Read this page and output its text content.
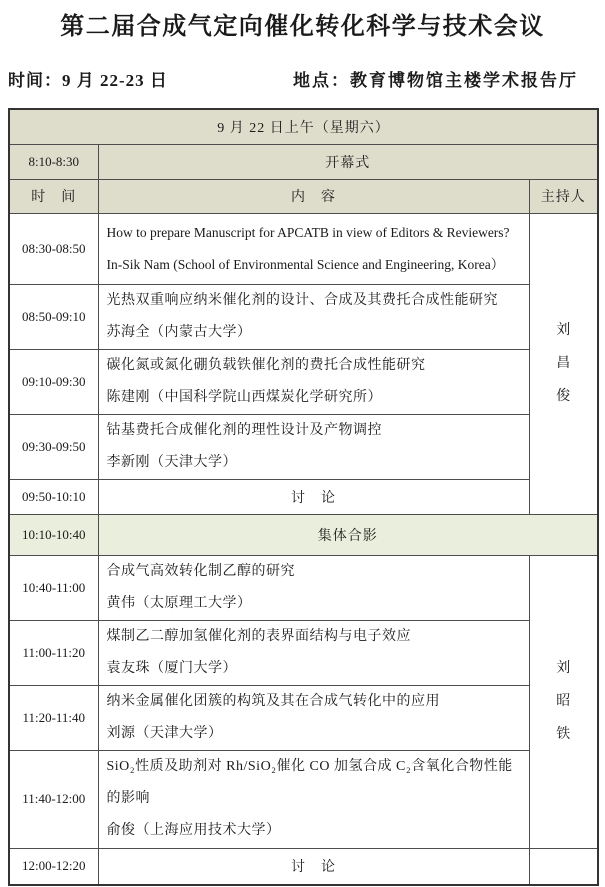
第二届合成气定向催化转化科学与技术会议
时间：9 月 22-23 日	地点：教育博物馆主楼学术报告厅
9 月 22 日上午（星期六）		
8:10-8:30	开幕式	
时　间	内　容	主持人
08:30-08:50	How to prepare Manuscript for APCATB in view of Editors & Reviewers?
In-Sik Nam (School of Environmental Science and Engineering, Korea）	刘昌俊

08:50-09:10	光热双重响应纳米催化剂的设计、合成及其费托合成性能研究
苏海全（内蒙古大学）	

09:10-09:30	碳化氮或氮化硼负载铁催化剂的费托合成性能研究
陈建刚（中国科学院山西煤炭化学研究所）	

09:30-09:50	钴基费托合成催化剂的理性设计及产物调控
李新刚（天津大学）	

09:50-10:10	讨　论	
10:10-10:40	集体合影	
10:40-11:00	合成气高效转化制乙醇的研究
黄伟（太原理工大学）	刘昭铁

11:00-11:20	煤制乙二醇加氢催化剂的表界面结构与电子效应
袁友珠（厦门大学）	

11:20-11:40	纳米金属催化团簇的构筑及其在合成气转化中的应用
刘源（天津大学）	

11:40-12:00	SiO₂性质及助剂对 Rh/SiO₂催化 CO 加氢合成 C₂含氧化合物性能的影响
俞俊（上海应用技术大学）	

12:00-12:20	讨　论	
